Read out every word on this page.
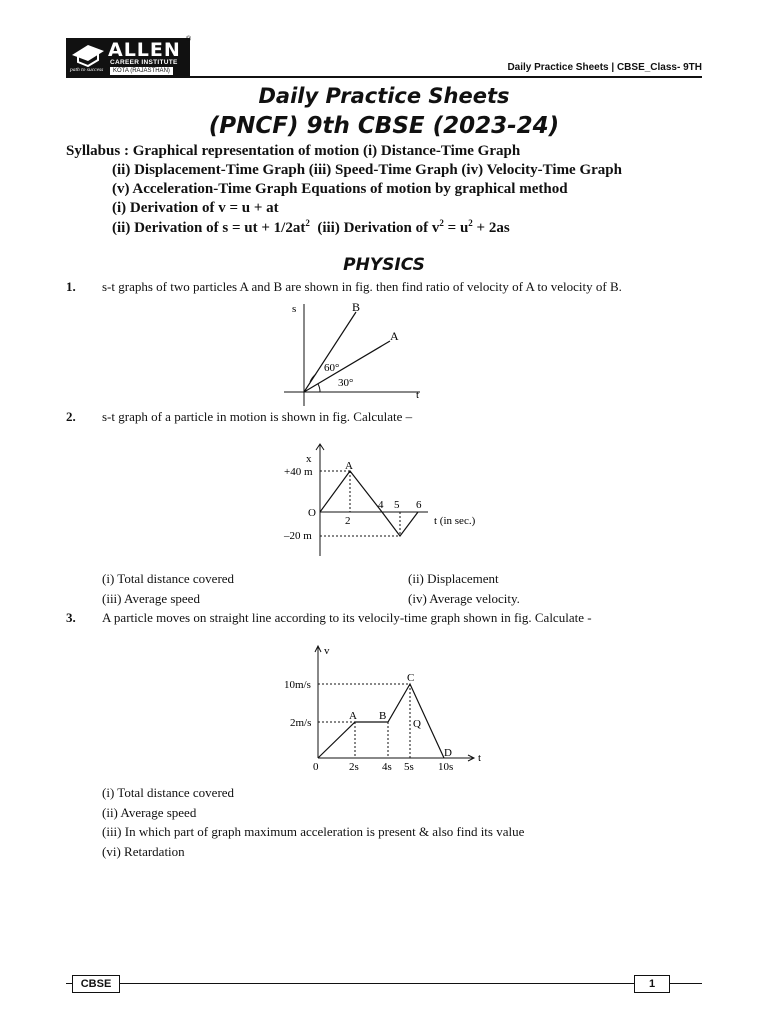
ALLEN
CAREER INSTITUTE
KOTA (RAJASTHAN)
path to success
®
Daily Practice Sheets | CBSE_Class- 9TH
Daily Practice Sheets
(PNCF) 9th CBSE (2023-24)
Syllabus : Graphical representation of motion (i) Distance-Time Graph
(ii) Displacement-Time Graph (iii) Speed-Time Graph (iv) Velocity-Time Graph
(v) Acceleration-Time Graph Equations of motion by graphical method
(i) Derivation of v = u + at
(ii) Derivation of s = ut + $1/2at^2$  (iii) Derivation of $v^2 = u^2 + 2as$
PHYSICS
1. s-t graphs of two particles A and B are shown in fig. then find ratio of velocity of A to velocity of B.
s
t
B
A
60°
30°
2. s-t graph of a particle in motion is shown in fig. Calculate –
x
t (in sec.)
O
+40 m
–20 m
A
2
4 5 6
(i) Total distance covered	(ii) Displacement
(iii) Average speed	(iv) Average velocity.
3. A particle moves on straight line according to its velocily-time graph shown in fig. Calculate -
v
t
10m/s
2m/s
A B
C
Q
D
0	2s 4s 5s 10s
(i) Total distance covered
(ii) Average speed
(iii) In which part of graph maximum acceleration is present & also find its value
(vi) Retardation
CBSE	1
